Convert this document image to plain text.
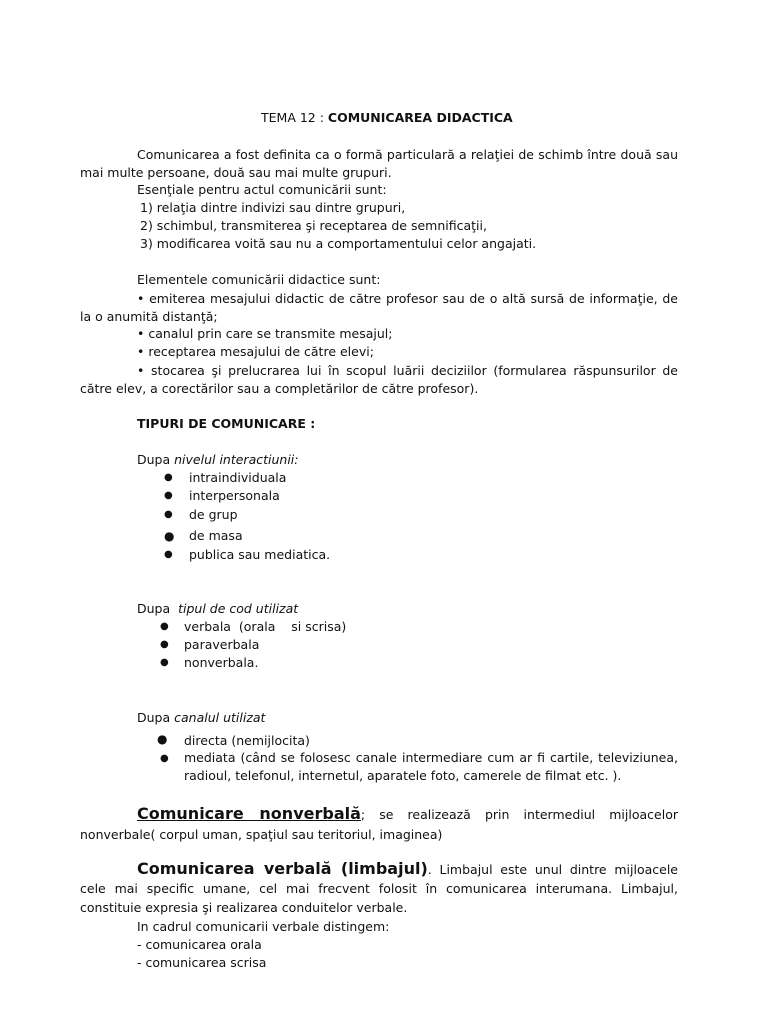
TEMA 12 : COMUNICAREA DIDACTICA
Comunicarea a fost definita ca o formă particulară a relaţiei de schimb între două sau mai multe persoane, două sau mai multe grupuri.
Esenţiale pentru actul comunicării sunt:
1) relaţia dintre indivizi sau dintre grupuri,
2) schimbul, transmiterea şi receptarea de semnificaţii,
3) modificarea voită sau nu a comportamentului celor angajati.
Elementele comunicării didactice sunt:
• emiterea mesajului didactic de către profesor sau de o altă sursă de informaţie, de la o anumită distanţă;
• canalul prin care se transmite mesajul;
• receptarea mesajului de către elevi;
• stocarea şi prelucrarea lui în scopul luării deciziilor (formularea răspunsurilor de către elev, a corectărilor sau a completărilor de către profesor).
TIPURI DE COMUNICARE :
Dupa nivelul interactiunii:
● intraindividuala
● interpersonala
● de grup
● de masa
● publica sau mediatica.
Dupa  tipul de cod utilizat
● verbala  (orala    si scrisa)
● paraverbala
● nonverbala.
Dupa canalul utilizat
● directa (nemijlocita)
● mediata (când se folosesc canale intermediare cum ar fi cartile, televiziunea, radioul, telefonul, internetul, aparatele foto, camerele de filmat etc. ).
Comunicare nonverbală; se realizează prin intermediul mijloacelor nonverbale( corpul uman, spaţiul sau teritoriul, imaginea)
Comunicarea verbală (limbajul). Limbajul este unul dintre mijloacele cele mai specific umane, cel mai frecvent folosit în comunicarea interumana. Limbajul, constituie expresia şi realizarea conduitelor verbale.
In cadrul comunicarii verbale distingem:
- comunicarea orala
- comunicarea scrisa
